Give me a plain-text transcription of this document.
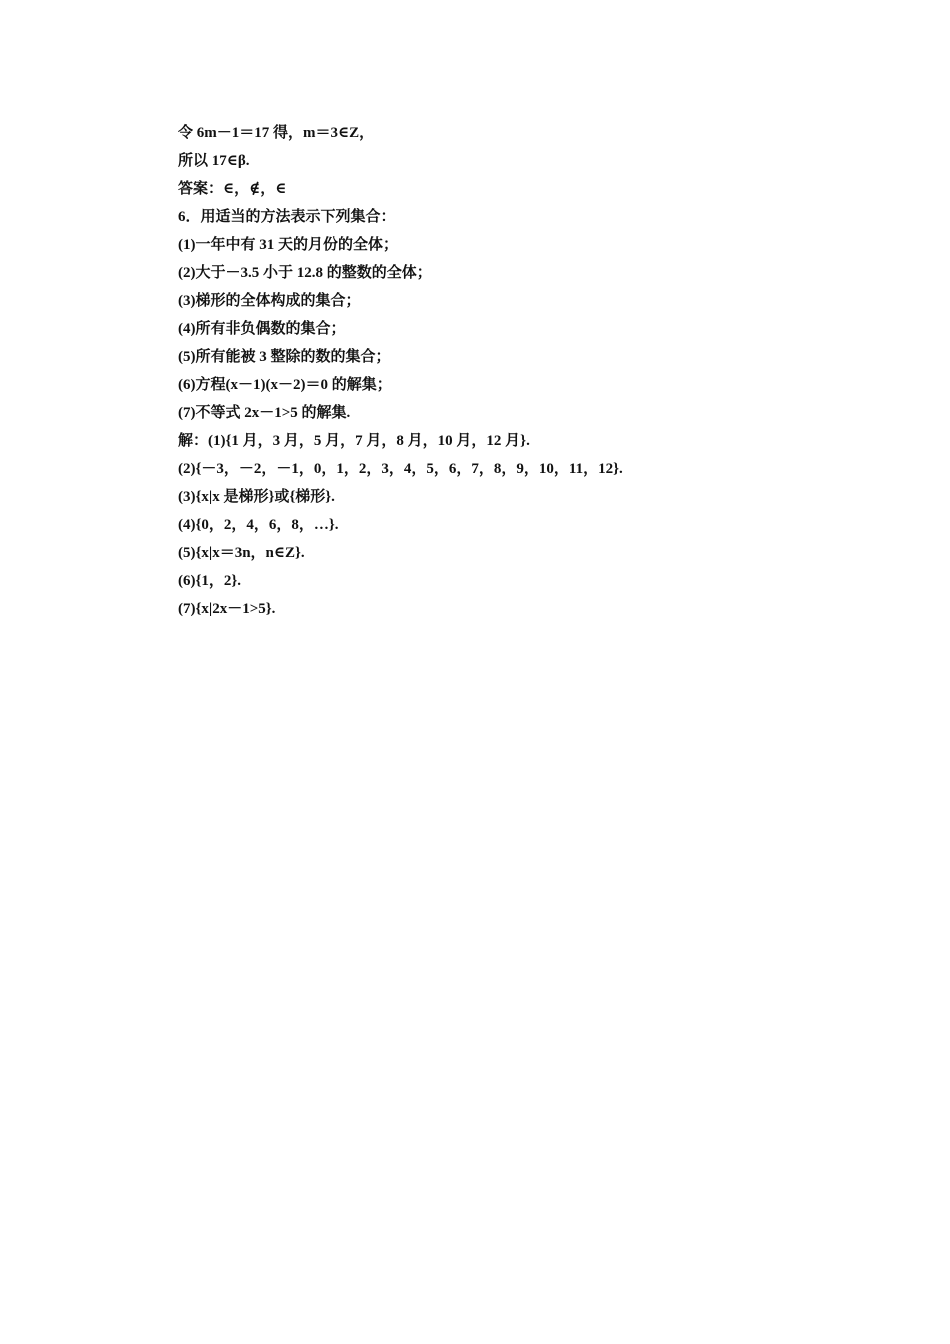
令 6m－1＝17 得，m＝3∈Z，
所以 17∈β.
答案：∈，∉，∈
6．用适当的方法表示下列集合：
(1)一年中有 31 天的月份的全体；
(2)大于－3.5 小于 12.8 的整数的全体；
(3)梯形的全体构成的集合；
(4)所有非负偶数的集合；
(5)所有能被 3 整除的数的集合；
(6)方程(x－1)(x－2)＝0 的解集；
(7)不等式 2x－1>5 的解集.
解：(1){1 月，3 月，5 月，7 月，8 月，10 月，12 月}.
(2){－3，－2，－1，0，1，2，3，4，5，6，7，8，9，10，11，12}.
(3){x|x 是梯形}或{梯形}.
(4){0，2，4，6，8，…}.
(5){x|x＝3n，n∈Z}.
(6){1，2}.
(7){x|2x－1>5}.
